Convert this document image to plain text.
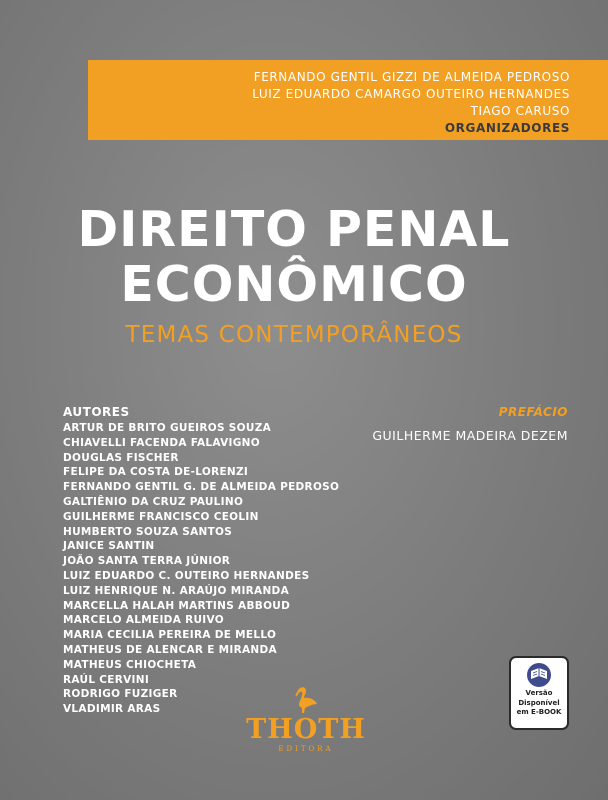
FERNANDO GENTIL GIZZI DE ALMEIDA PEDROSO
LUIZ EDUARDO CAMARGO OUTEIRO HERNANDES
TIAGO CARUSO
ORGANIZADORES
DIREITO PENAL
ECONÔMICO
TEMAS CONTEMPORÂNEOS
AUTORES
ARTUR DE BRITO GUEIROS SOUZA
CHIAVELLI FACENDA FALAVIGNO
DOUGLAS FISCHER
FELIPE DA COSTA DE-LORENZI
FERNANDO GENTIL G. DE ALMEIDA PEDROSO
GALTIÊNIO DA CRUZ PAULINO
GUILHERME FRANCISCO CEOLIN
HUMBERTO SOUZA SANTOS
JANICE SANTIN
JOÃO SANTA TERRA JÚNIOR
LUIZ EDUARDO C. OUTEIRO HERNANDES
LUIZ HENRIQUE N. ARAÚJO MIRANDA
MARCELLA HALAH MARTINS ABBOUD
MARCELO ALMEIDA RUIVO
MARIA CECILIA PEREIRA DE MELLO
MATHEUS DE ALENCAR E MIRANDA
MATHEUS CHIOCHETA
RAÚL CERVINI
RODRIGO FUZIGER
VLADIMIR ARAS
PREFÁCIO
GUILHERME MADEIRA DEZEM
THOTH
EDITORA
Versão
Disponível
em E-BOOK
